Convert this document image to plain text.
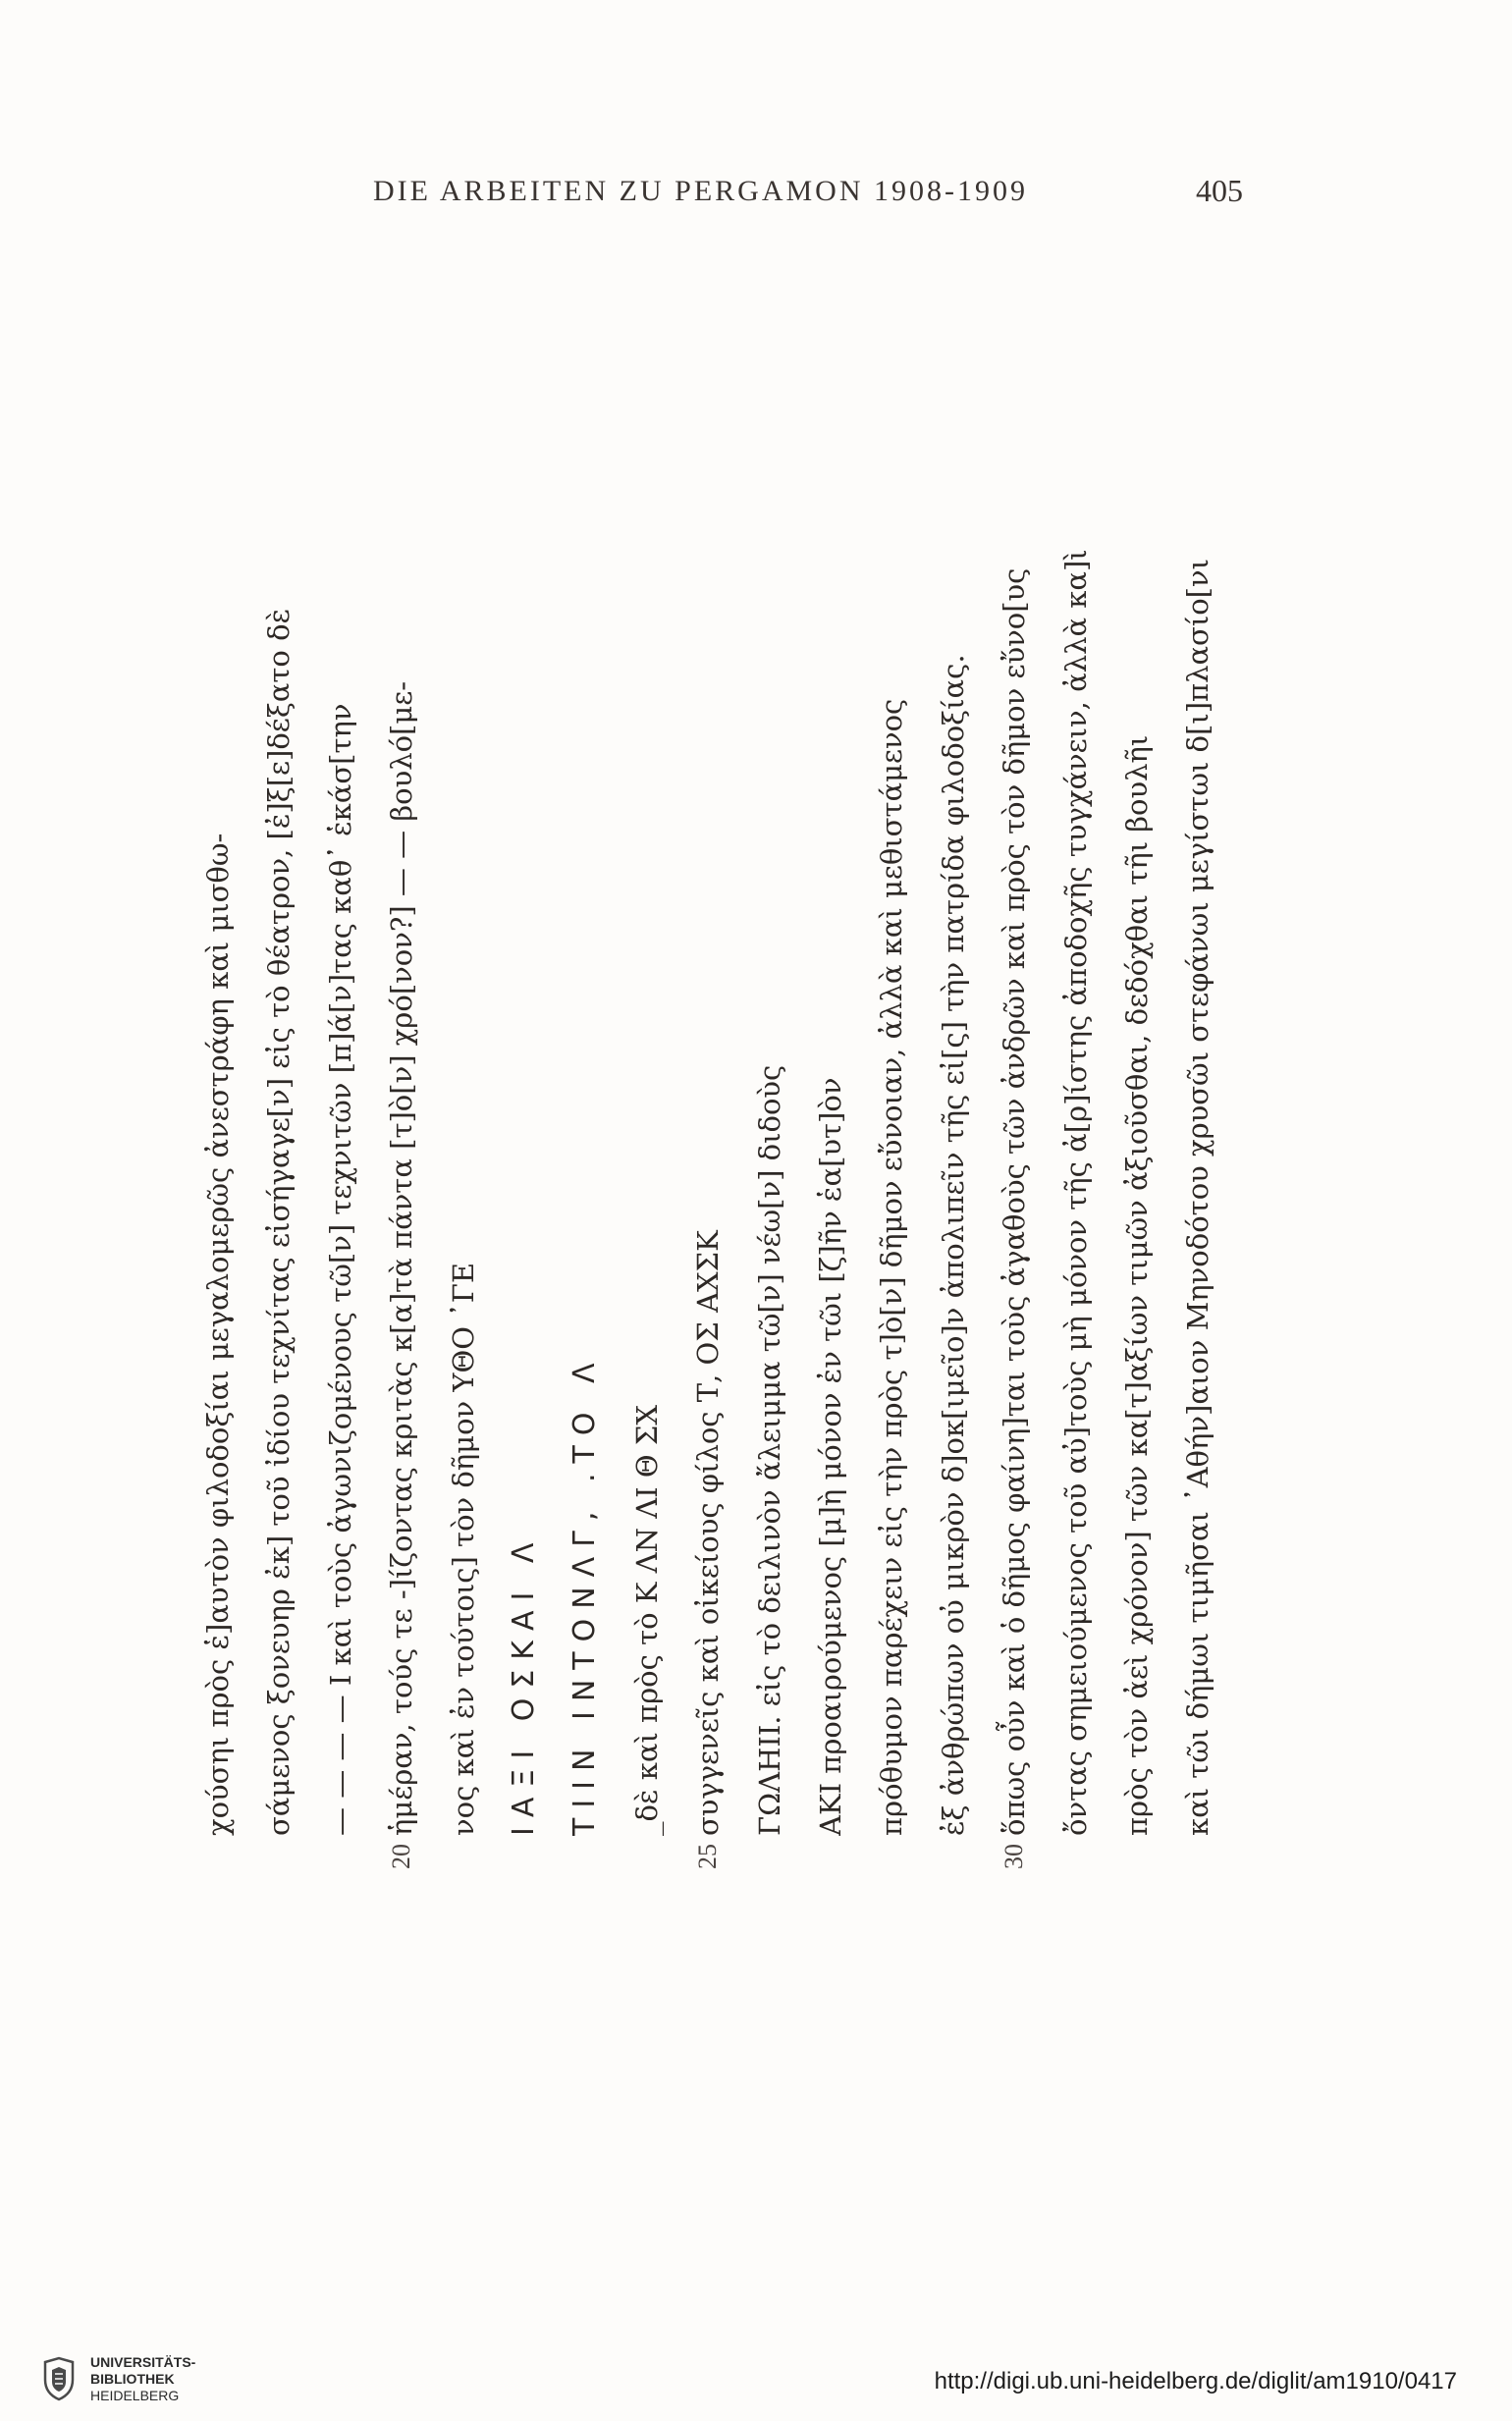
DIE ARBEITEN ZU PERGAMON 1908-1909	405
χούσηι πρὸς ἑ]αυτὸν φιλοδοξίαι μεγαλομερῶς ἀνεστράφη καὶ μισθω- σάμενος ξονευηρ ἐκ] τοῦ ἰδίου τεχνίτας εἰσήγαγε[ν] εἰς τὸ θέατρον, [ἐ]ξ[ε]δέξατο δὲ — — — — Ι καὶ τοὺς ἀγωνιζομένους τῶ[ν] τεχνιτῶν [π]ά[ν]τας καθ᾽ ἑκάσ[την ἡμέραν, τούς τε -]ίζοντας κριτὰς κ[α]τὰ πάντα [τ]ὸ[ν] χρό[νον?] — — βουλό[με-
20
νος καὶ ἐν τούτοις] τὸν δῆμον ΥΘΟ ᾿ΓΕ ΙΑΞΙ ΟΣΚΑΙ Λ ΤΙΙΝ ΙΝΤΟΝΛΓ, .ΤΟ Λ _δὲ καὶ πρὸς τὸ Κ ΛΝ ΛΙ Θ ΣΧ συγγενεῖς καὶ οἰκείους φίλος Τ, ΟΣ ΑΧΣΚ
25
ΓΩΛΗΙΙ. εἰς τὸ δειλινὸν ἄλειμμα τῶ[ν] νέω[ν] διδοὺς ΑΚΙ προαιρούμενος [μ]ὴ μόνον ἐν τῶι [ζ]ῆν ἑα[υτ]ὸν πρόθυμον παρέχειν εἰς τὴν πρὸς τ]ὸ[ν] δῆμον εὔνοιαν, ἀλλὰ καὶ μεθιστάμενος ἐξ ἀνθρώπων οὐ μικρὸν δ]οκ[ιμεῖο]ν ἀπολιπεῖν τῆς εἰ[ς] τὴν πατρίδα φιλοδοξίας. ὅπως οὖν καὶ ὁ δῆμος φαίνη]ται τοὺς ἀγαθοὺς τῶν ἀνδρῶν καὶ πρὸς τὸν δῆμον εὔνο[υς
30
ὄντας σημειούμενος τοῦ αὐ]τοὺς μὴ μόνον τῆς ἀ[ρ]ίστης ἀποδοχῆς τυγχάνειν, ἀλλὰ κα]ὶ πρὸς τὸν ἀεὶ χρόνον] τῶν κα[τ]αξίων τιμῶν ἀξιοῦσθαι, δεδόχθαι τῆι βουλῆι καὶ τῶι δήμωι τιμῆσαι ᾿Αθήν]αιον Μηνοδότου χρυσῶι στεφάνωι μεγίστωι δ[ι]πλασίο[νι
UNIVERSITÄTS-
BIBLIOTHEK
HEIDELBERG
http://digi.ub.uni-heidelberg.de/diglit/am1910/0417
